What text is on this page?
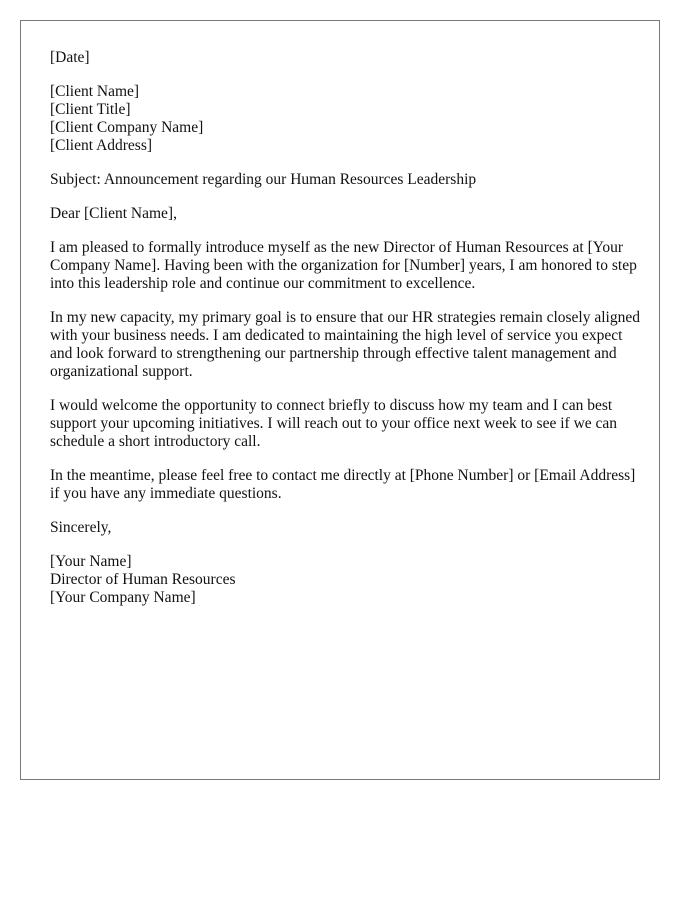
[Date]
[Client Name]
[Client Title]
[Client Company Name]
[Client Address]
Subject: Announcement regarding our Human Resources Leadership
Dear [Client Name],

I am pleased to formally introduce myself as the new Director of Human Resources at [Your Company Name]. Having been with the organization for [Number] years, I am honored to step into this leadership role and continue our commitment to excellence.

In my new capacity, my primary goal is to ensure that our HR strategies remain closely aligned with your business needs. I am dedicated to maintaining the high level of service you expect and look forward to strengthening our partnership through effective talent management and organizational support.

I would welcome the opportunity to connect briefly to discuss how my team and I can best support your upcoming initiatives. I will reach out to your office next week to see if we can schedule a short introductory call.

In the meantime, please feel free to contact me directly at [Phone Number] or [Email Address] if you have any immediate questions.

Sincerely,
[Your Name]
Director of Human Resources
[Your Company Name]
